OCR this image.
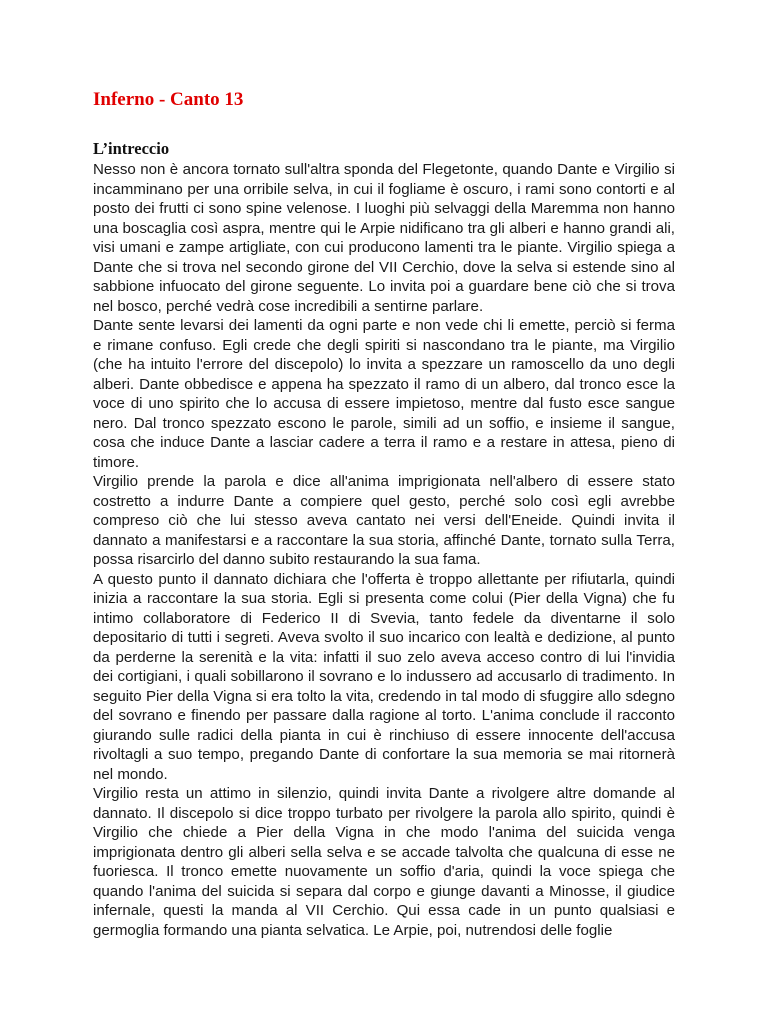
Inferno - Canto 13
L’intreccio

Nesso non è ancora tornato sull'altra sponda del Flegetonte, quando Dante e Virgilio si incamminano per una orribile selva, in cui il fogliame è oscuro, i rami sono contorti e al posto dei frutti ci sono spine velenose. I luoghi più selvaggi della Maremma non hanno una boscaglia così aspra, mentre qui le Arpie nidificano tra gli alberi e hanno grandi ali, visi umani e zampe artigliate, con cui producono lamenti tra le piante. Virgilio spiega a Dante che si trova nel secondo girone del VII Cerchio, dove la selva si estende sino al sabbione infuocato del girone seguente. Lo invita poi a guardare bene ciò che si trova nel bosco, perché vedrà cose incredibili a sentirne parlare.

Dante sente levarsi dei lamenti da ogni parte e non vede chi li emette, perciò si ferma e rimane confuso. Egli crede che degli spiriti si nascondano tra le piante, ma Virgilio (che ha intuito l'errore del discepolo) lo invita a spezzare un ramoscello da uno degli alberi. Dante obbedisce e appena ha spezzato il ramo di un albero, dal tronco esce la voce di uno spirito che lo accusa di essere impietoso, mentre dal fusto esce sangue nero. Dal tronco spezzato escono le parole, simili ad un soffio, e insieme il sangue, cosa che induce Dante a lasciar cadere a terra il ramo e a restare in attesa, pieno di timore.

Virgilio prende la parola e dice all'anima imprigionata nell'albero di essere stato costretto a indurre Dante a compiere quel gesto, perché solo così egli avrebbe compreso ciò che lui stesso aveva cantato nei versi dell'Eneide. Quindi invita il dannato a manifestarsi e a raccontare la sua storia, affinché Dante, tornato sulla Terra, possa risarcirlo del danno subito restaurando la sua fama.

A questo punto il dannato dichiara che l'offerta è troppo allettante per rifiutarla, quindi inizia a raccontare la sua storia. Egli si presenta come colui (Pier della Vigna) che fu intimo collaboratore di Federico II di Svevia, tanto fedele da diventarne il solo depositario di tutti i segreti. Aveva svolto il suo incarico con lealtà e dedizione, al punto da perderne la serenità e la vita: infatti il suo zelo aveva acceso contro di lui l'invidia dei cortigiani, i quali sobillarono il sovrano e lo indussero ad accusarlo di tradimento. In seguito Pier della Vigna si era tolto la vita, credendo in tal modo di sfuggire allo sdegno del sovrano e finendo per passare dalla ragione al torto. L'anima conclude il racconto giurando sulle radici della pianta in cui è rinchiuso di essere innocente dell'accusa rivoltagli a suo tempo, pregando Dante di confortare la sua memoria se mai ritornerà nel mondo.

Virgilio resta un attimo in silenzio, quindi invita Dante a rivolgere altre domande al dannato. Il discepolo si dice troppo turbato per rivolgere la parola allo spirito, quindi è Virgilio che chiede a Pier della Vigna in che modo l'anima del suicida venga imprigionata dentro gli alberi sella selva e se accade talvolta che qualcuna di esse ne fuoriesca. Il tronco emette nuovamente un soffio d'aria, quindi la voce spiega che quando l'anima del suicida si separa dal corpo e giunge davanti a Minosse, il giudice infernale, questi la manda al VII Cerchio. Qui essa cade in un punto qualsiasi e germoglia formando una pianta selvatica. Le Arpie, poi, nutrendosi delle foglie
